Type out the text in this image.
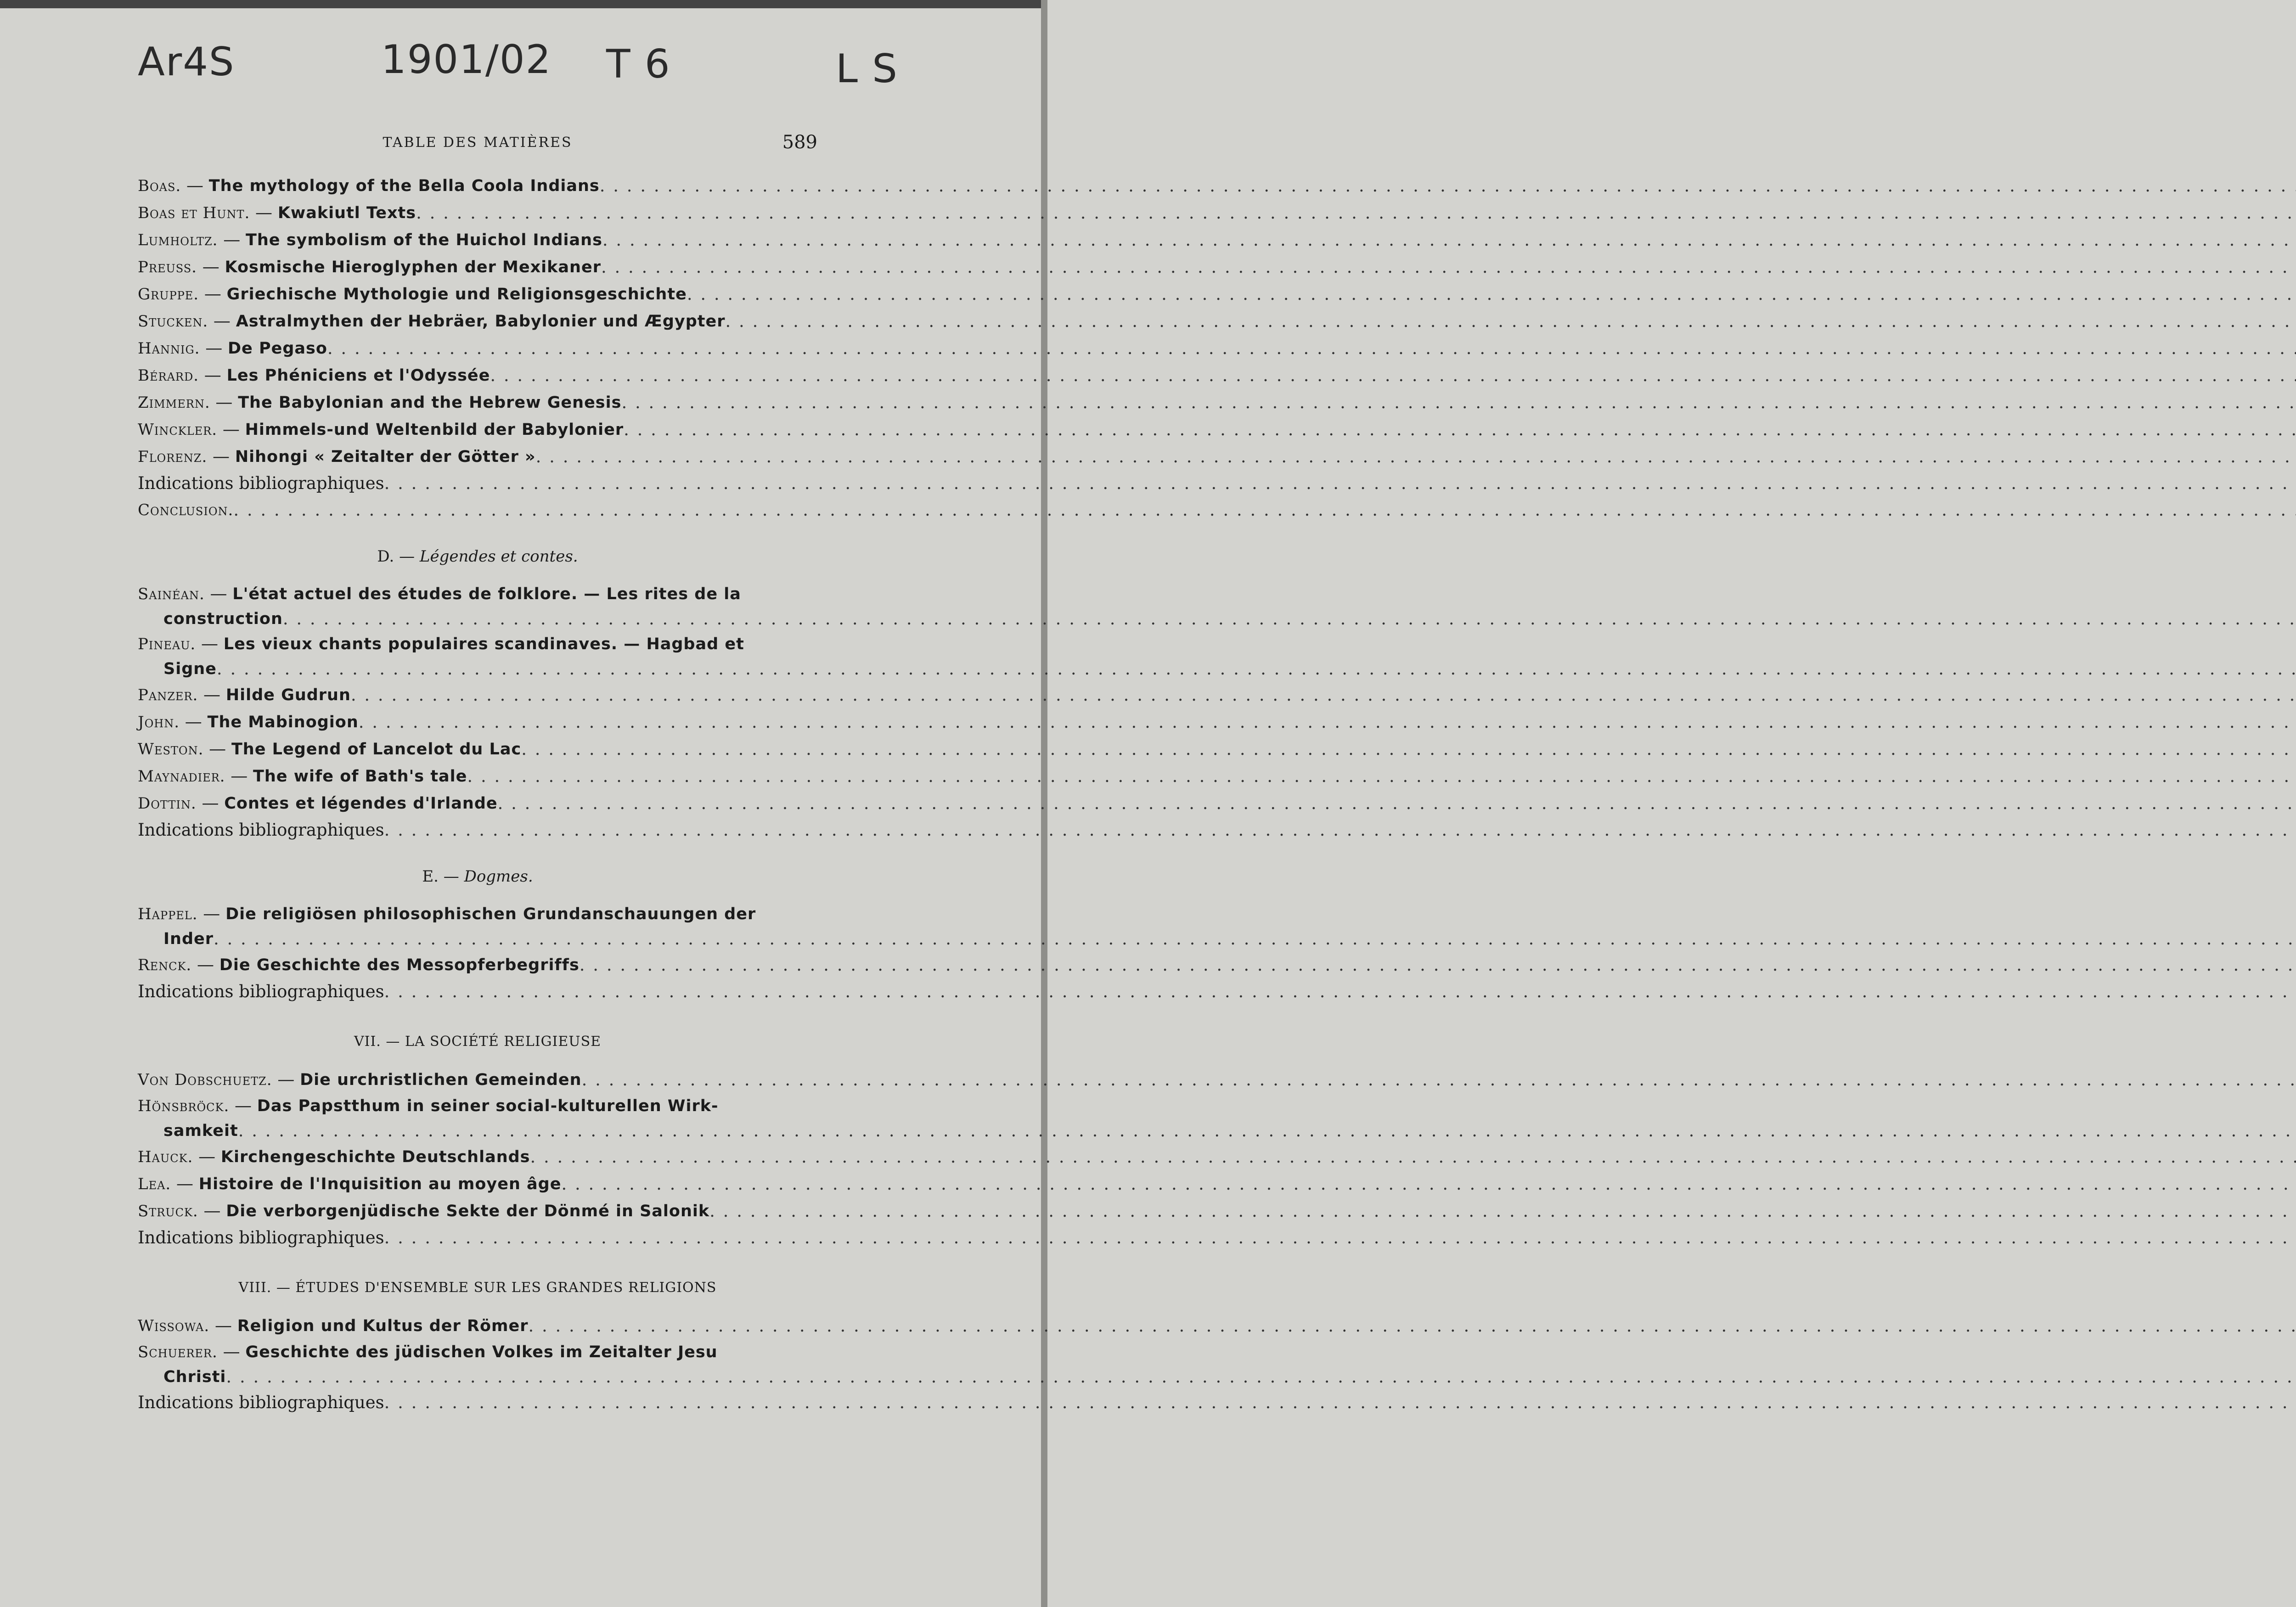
Ar4S	1901/02 T 6	L S
TABLE DES MATIÈRES	589
Boas. — The mythology of the Bella Coola Indians
. . .
Boas et Hunt. — Kwakiutl Texts
. . .
Lumholtz. — The symbolism of the Huichol Indians
. . .
Preuss. — Kosmische Hieroglyphen der Mexikaner
. . .
Gruppe. — Griechische Mythologie und Religionsgeschichte
. . .
Stucken. — Astralmythen der Hebräer, Babylonier und Ægypter
. . .
Hannig. — De Pegaso
. . .
Bérard. — Les Phéniciens et l'Odyssée
. . .
Zimmern. — The Babylonian and the Hebrew Genesis
. . .
Winckler. — Himmels-und Weltenbild der Babylonier
. . .
Florenz. — Nihongi « Zeitalter der Götter »
. . .
Indications bibliographiques
. . .
Conclusion.
. . .
D. — Légendes et contes.
Sainéan. — L'état actuel des études de folklore. — Les rites de la
construction
. . .
Pineau. — Les vieux chants populaires scandinaves. — Hagbad et
Signe
. . .
Panzer. — Hilde Gudrun
. . .
John. — The Mabinogion
. . .
Weston. — The Legend of Lancelot du Lac
. . .
Maynadier. — The wife of Bath's tale
. . .
Dottin. — Contes et légendes d'Irlande
. . .
Indications bibliographiques
. . .
E. — Dogmes.
Happel. — Die religiösen philosophischen Grundanschauungen der
Inder
. . .
Renck. — Die Geschichte des Messopferbegriffs
. . .
Indications bibliographiques
. . .
VII. — LA SOCIÉTÉ RELIGIEUSE
Von Dobschuetz. — Die urchristlichen Gemeinden
. . .
Hönsbröck. — Das Papstthum in seiner social-kulturellen Wirk-
samkeit
. . .
Hauck. — Kirchengeschichte Deutschlands
. . .
Lea. — Histoire de l'Inquisition au moyen âge
. . .
Struck. — Die verborgenjüdische Sekte der Dönmé in Salonik
. . .
Indications bibliographiques
. . .
VIII. — ÉTUDES D'ENSEMBLE SUR LES GRANDES RELIGIONS
Wissowa. — Religion und Kultus der Römer
. . .
Schuerer. — Geschichte des jüdischen Volkes im Zeitalter Jesu
Christi
. . .
Indications bibliographiques
. . .
